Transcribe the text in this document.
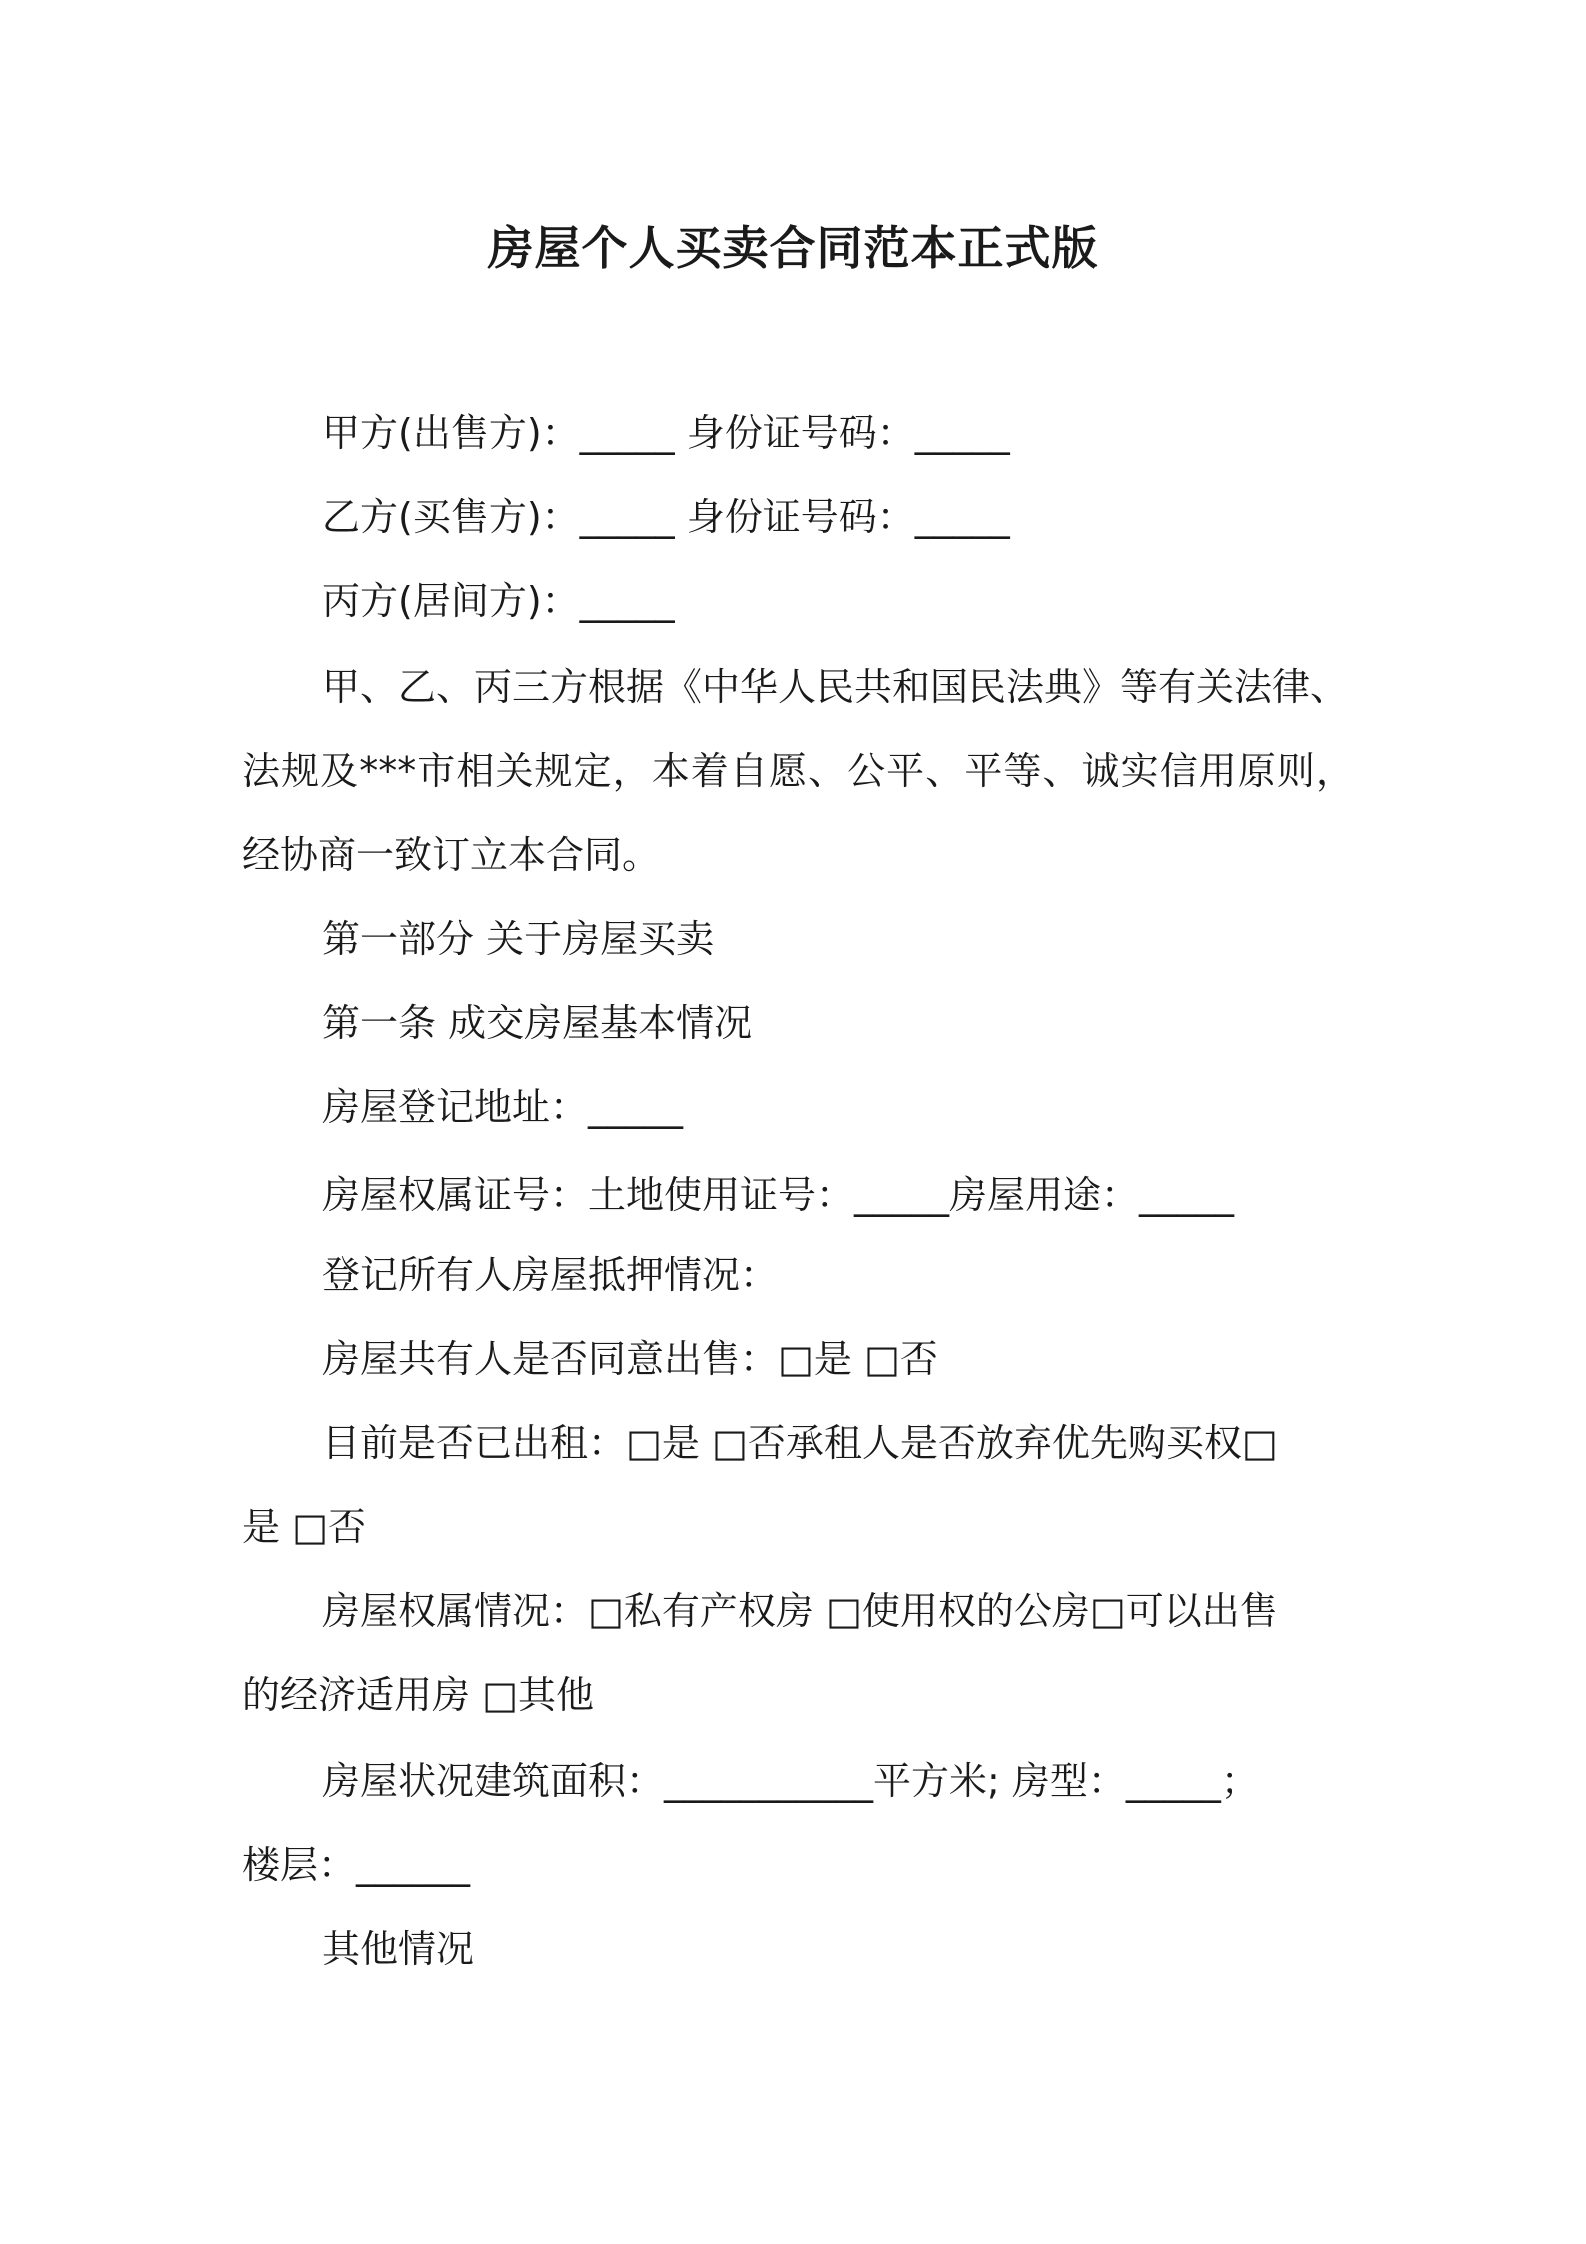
房屋个人买卖合同范本正式版

甲方(出售方)：_____ 身份证号码：_____

乙方(买售方)：_____ 身份证号码：_____

丙方(居间方)：_____

甲、乙、丙三方根据《中华人民共和国民法典》等有关法律、

法规及***市相关规定，本着自愿、公平、平等、诚实信用原则，

经协商一致订立本合同。

第一部分 关于房屋买卖

第一条 成交房屋基本情况

房屋登记地址：_____

房屋权属证号：土地使用证号：_____房屋用途：_____

登记所有人房屋抵押情况：

房屋共有人是否同意出售：□是 □否

目前是否已出租：□是 □否承租人是否放弃优先购买权□

是 □否

房屋权属情况：□私有产权房 □使用权的公房□可以出售

的经济适用房 □其他

房屋状况建筑面积：___________平方米; 房型：_____；

楼层：______

其他情况
